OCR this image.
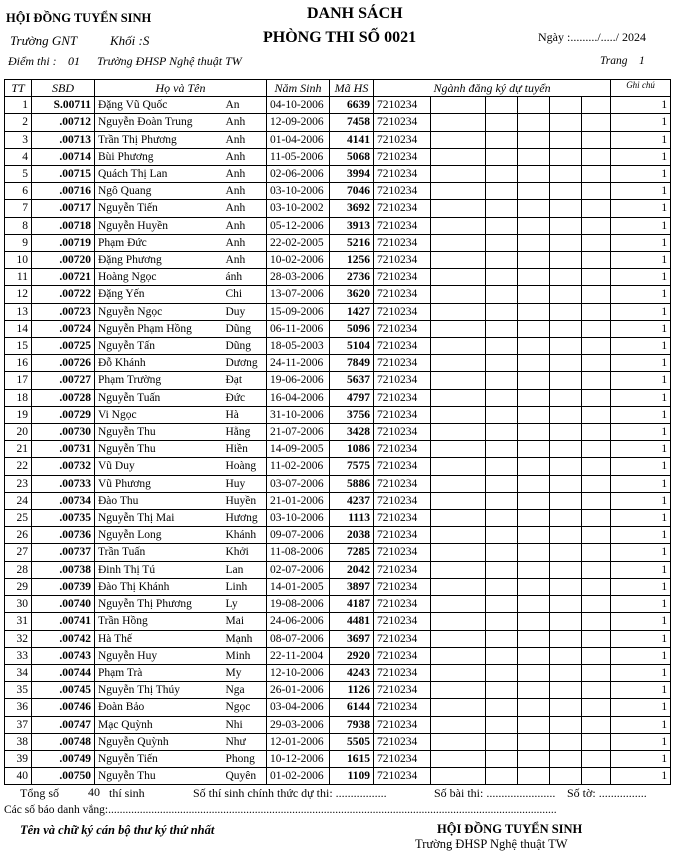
HỘI ĐỒNG TUYỂN SINH
Trường GNT	Khối :S
Điểm thi : 01 Trường ĐHSP Nghệ thuật TW
DANH SÁCH
PHÒNG THI SỐ 0021	Ngày :........./...../ 2024
Trang    1
TT	SBD	Họ và Tên		Năm Sinh	Mã HS	Ngành đăng ký dự tuyển						Ghi chú
1	S.00711	Đặng Vũ Quốc	An	04-10-2006	6639	7210234						1
2	.00712	Nguyễn Đoàn Trung	Anh	12-09-2006	7458	7210234						1
3	.00713	Trần Thị Phương	Anh	01-04-2006	4141	7210234						1
4	.00714	Bùi Phương	Anh	11-05-2006	5068	7210234						1
5	.00715	Quách Thị Lan	Anh	02-06-2006	3994	7210234						1
6	.00716	Ngô Quang	Anh	03-10-2006	7046	7210234						1
7	.00717	Nguyễn Tiến	Anh	03-10-2002	3692	7210234						1
8	.00718	Nguyễn Huyền	Anh	05-12-2006	3913	7210234						1
9	.00719	Phạm Đức	Anh	22-02-2005	5216	7210234						1
10	.00720	Đặng Phương	Anh	10-02-2006	1256	7210234						1
11	.00721	Hoàng Ngọc	ánh	28-03-2006	2736	7210234						1
12	.00722	Đặng Yến	Chi	13-07-2006	3620	7210234						1
13	.00723	Nguyễn Ngọc	Duy	15-09-2006	1427	7210234						1
14	.00724	Nguyễn Phạm Hồng	Dũng	06-11-2006	5096	7210234						1
15	.00725	Nguyễn Tấn	Dũng	18-05-2003	5104	7210234						1
16	.00726	Đỗ Khánh	Dương	24-11-2006	7849	7210234						1
17	.00727	Phạm Trường	Đạt	19-06-2006	5637	7210234						1
18	.00728	Nguyễn Tuấn	Đức	16-04-2006	4797	7210234						1
19	.00729	Vi Ngọc	Hà	31-10-2006	3756	7210234						1
20	.00730	Nguyễn Thu	Hằng	21-07-2006	3428	7210234						1
21	.00731	Nguyễn Thu	Hiền	14-09-2005	1086	7210234						1
22	.00732	Vũ Duy	Hoàng	11-02-2006	7575	7210234						1
23	.00733	Vũ Phương	Huy	03-07-2006	5886	7210234						1
24	.00734	Đào Thu	Huyền	21-01-2006	4237	7210234						1
25	.00735	Nguyễn Thị Mai	Hương	03-10-2006	1113	7210234						1
26	.00736	Nguyễn Long	Khánh	09-07-2006	2038	7210234						1
27	.00737	Trần Tuấn	Khởi	11-08-2006	7285	7210234						1
28	.00738	Đinh Thị Tú	Lan	02-07-2006	2042	7210234						1
29	.00739	Đào Thị Khánh	Linh	14-01-2005	3897	7210234						1
30	.00740	Nguyễn Thị Phương	Ly	19-08-2006	4187	7210234						1
31	.00741	Trần Hồng	Mai	24-06-2006	4481	7210234						1
32	.00742	Hà Thế	Mạnh	08-07-2006	3697	7210234						1
33	.00743	Nguyễn Huy	Minh	22-11-2004	2920	7210234						1
34	.00744	Phạm Trà	My	12-10-2006	4243	7210234						1
35	.00745	Nguyễn Thị Thúy	Nga	26-01-2006	1126	7210234						1
36	.00746	Đoàn Bảo	Ngọc	03-04-2006	6144	7210234						1
37	.00747	Mạc Quỳnh	Nhi	29-03-2006	7938	7210234						1
38	.00748	Nguyễn Quỳnh	Như	12-01-2006	5505	7210234						1
39	.00749	Nguyễn Tiến	Phong	10-12-2006	1615	7210234						1
40	.00750	Nguyễn Thu	Quyên	01-02-2006	1109	7210234						1
Tổng số 40 thí sinh	Số thí sinh chính thức dự thi: .................	Số bài thi: ....................... Số tờ: ................
Các số báo danh vắng:............................................................................................................................................................
Tên và chữ ký cán bộ thư ký thứ nhất	HỘI ĐỒNG TUYỂN SINH
Trường ĐHSP Nghệ thuật TW
